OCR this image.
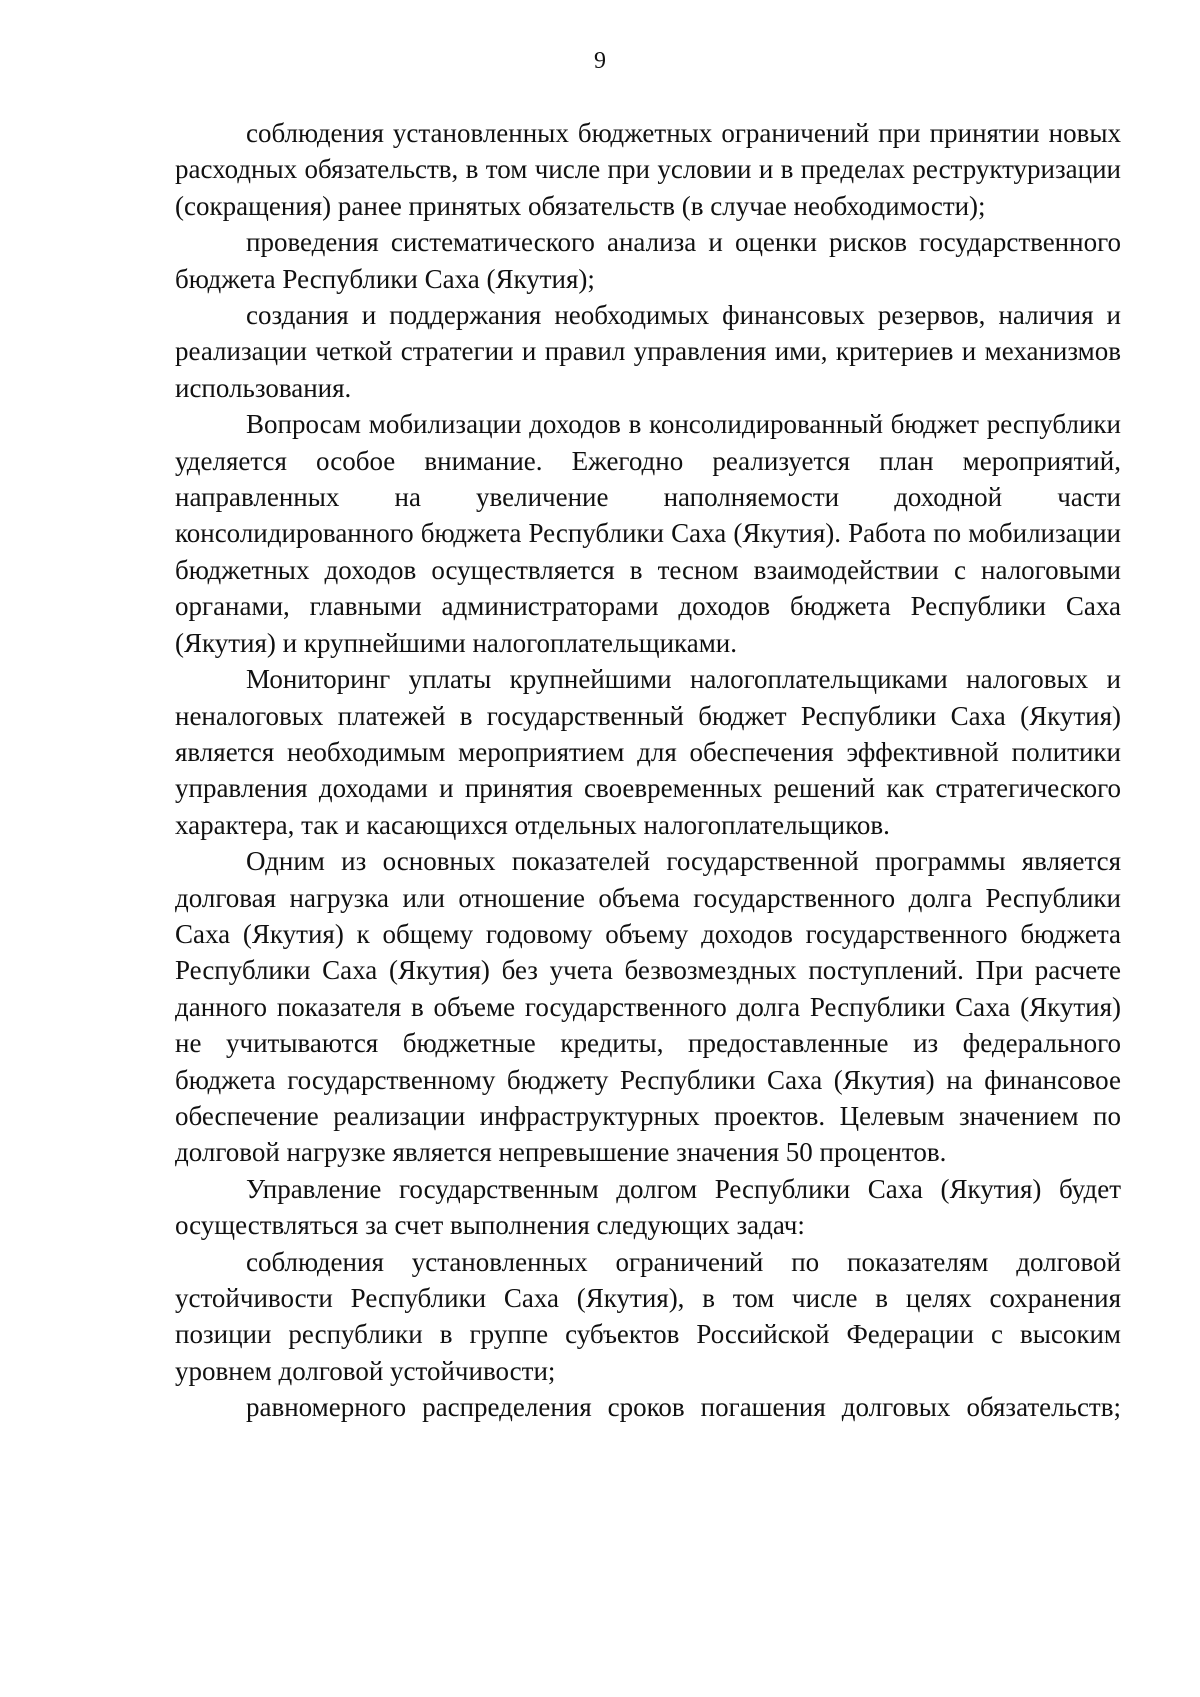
9

соблюдения установленных бюджетных ограничений при принятии новых расходных обязательств, в том числе при условии и в пределах реструктуризации (сокращения) ранее принятых обязательств (в случае необходимости);

проведения систематического анализа и оценки рисков государственного бюджета Республики Саха (Якутия);

создания и поддержания необходимых финансовых резервов, наличия и реализации четкой стратегии и правил управления ими, критериев и механизмов использования.

Вопросам мобилизации доходов в консолидированный бюджет республики уделяется особое внимание. Ежегодно реализуется план мероприятий, направленных на увеличение наполняемости доходной части консолидированного бюджета Республики Саха (Якутия). Работа по мобилизации бюджетных доходов осуществляется в тесном взаимодействии с налоговыми органами, главными администраторами доходов бюджета Республики Саха (Якутия) и крупнейшими налогоплательщиками.

Мониторинг уплаты крупнейшими налогоплательщиками налоговых и неналоговых платежей в государственный бюджет Республики Саха (Якутия) является необходимым мероприятием для обеспечения эффективной политики управления доходами и принятия своевременных решений как стратегического характера, так и касающихся отдельных налогоплательщиков.

Одним из основных показателей государственной программы является долговая нагрузка или отношение объема государственного долга Республики Саха (Якутия) к общему годовому объему доходов государственного бюджета Республики Саха (Якутия) без учета безвозмездных поступлений. При расчете данного показателя в объеме государственного долга Республики Саха (Якутия) не учитываются бюджетные кредиты, предоставленные из федерального бюджета государственному бюджету Республики Саха (Якутия) на финансовое обеспечение реализации инфраструктурных проектов. Целевым значением по долговой нагрузке является непревышение значения 50 процентов.

Управление государственным долгом Республики Саха (Якутия) будет осуществляться за счет выполнения следующих задач:

соблюдения установленных ограничений по показателям долговой устойчивости Республики Саха (Якутия), в том числе в целях сохранения позиции республики в группе субъектов Российской Федерации с высоким уровнем долговой устойчивости;

равномерного распределения сроков погашения долговых обязательств;
